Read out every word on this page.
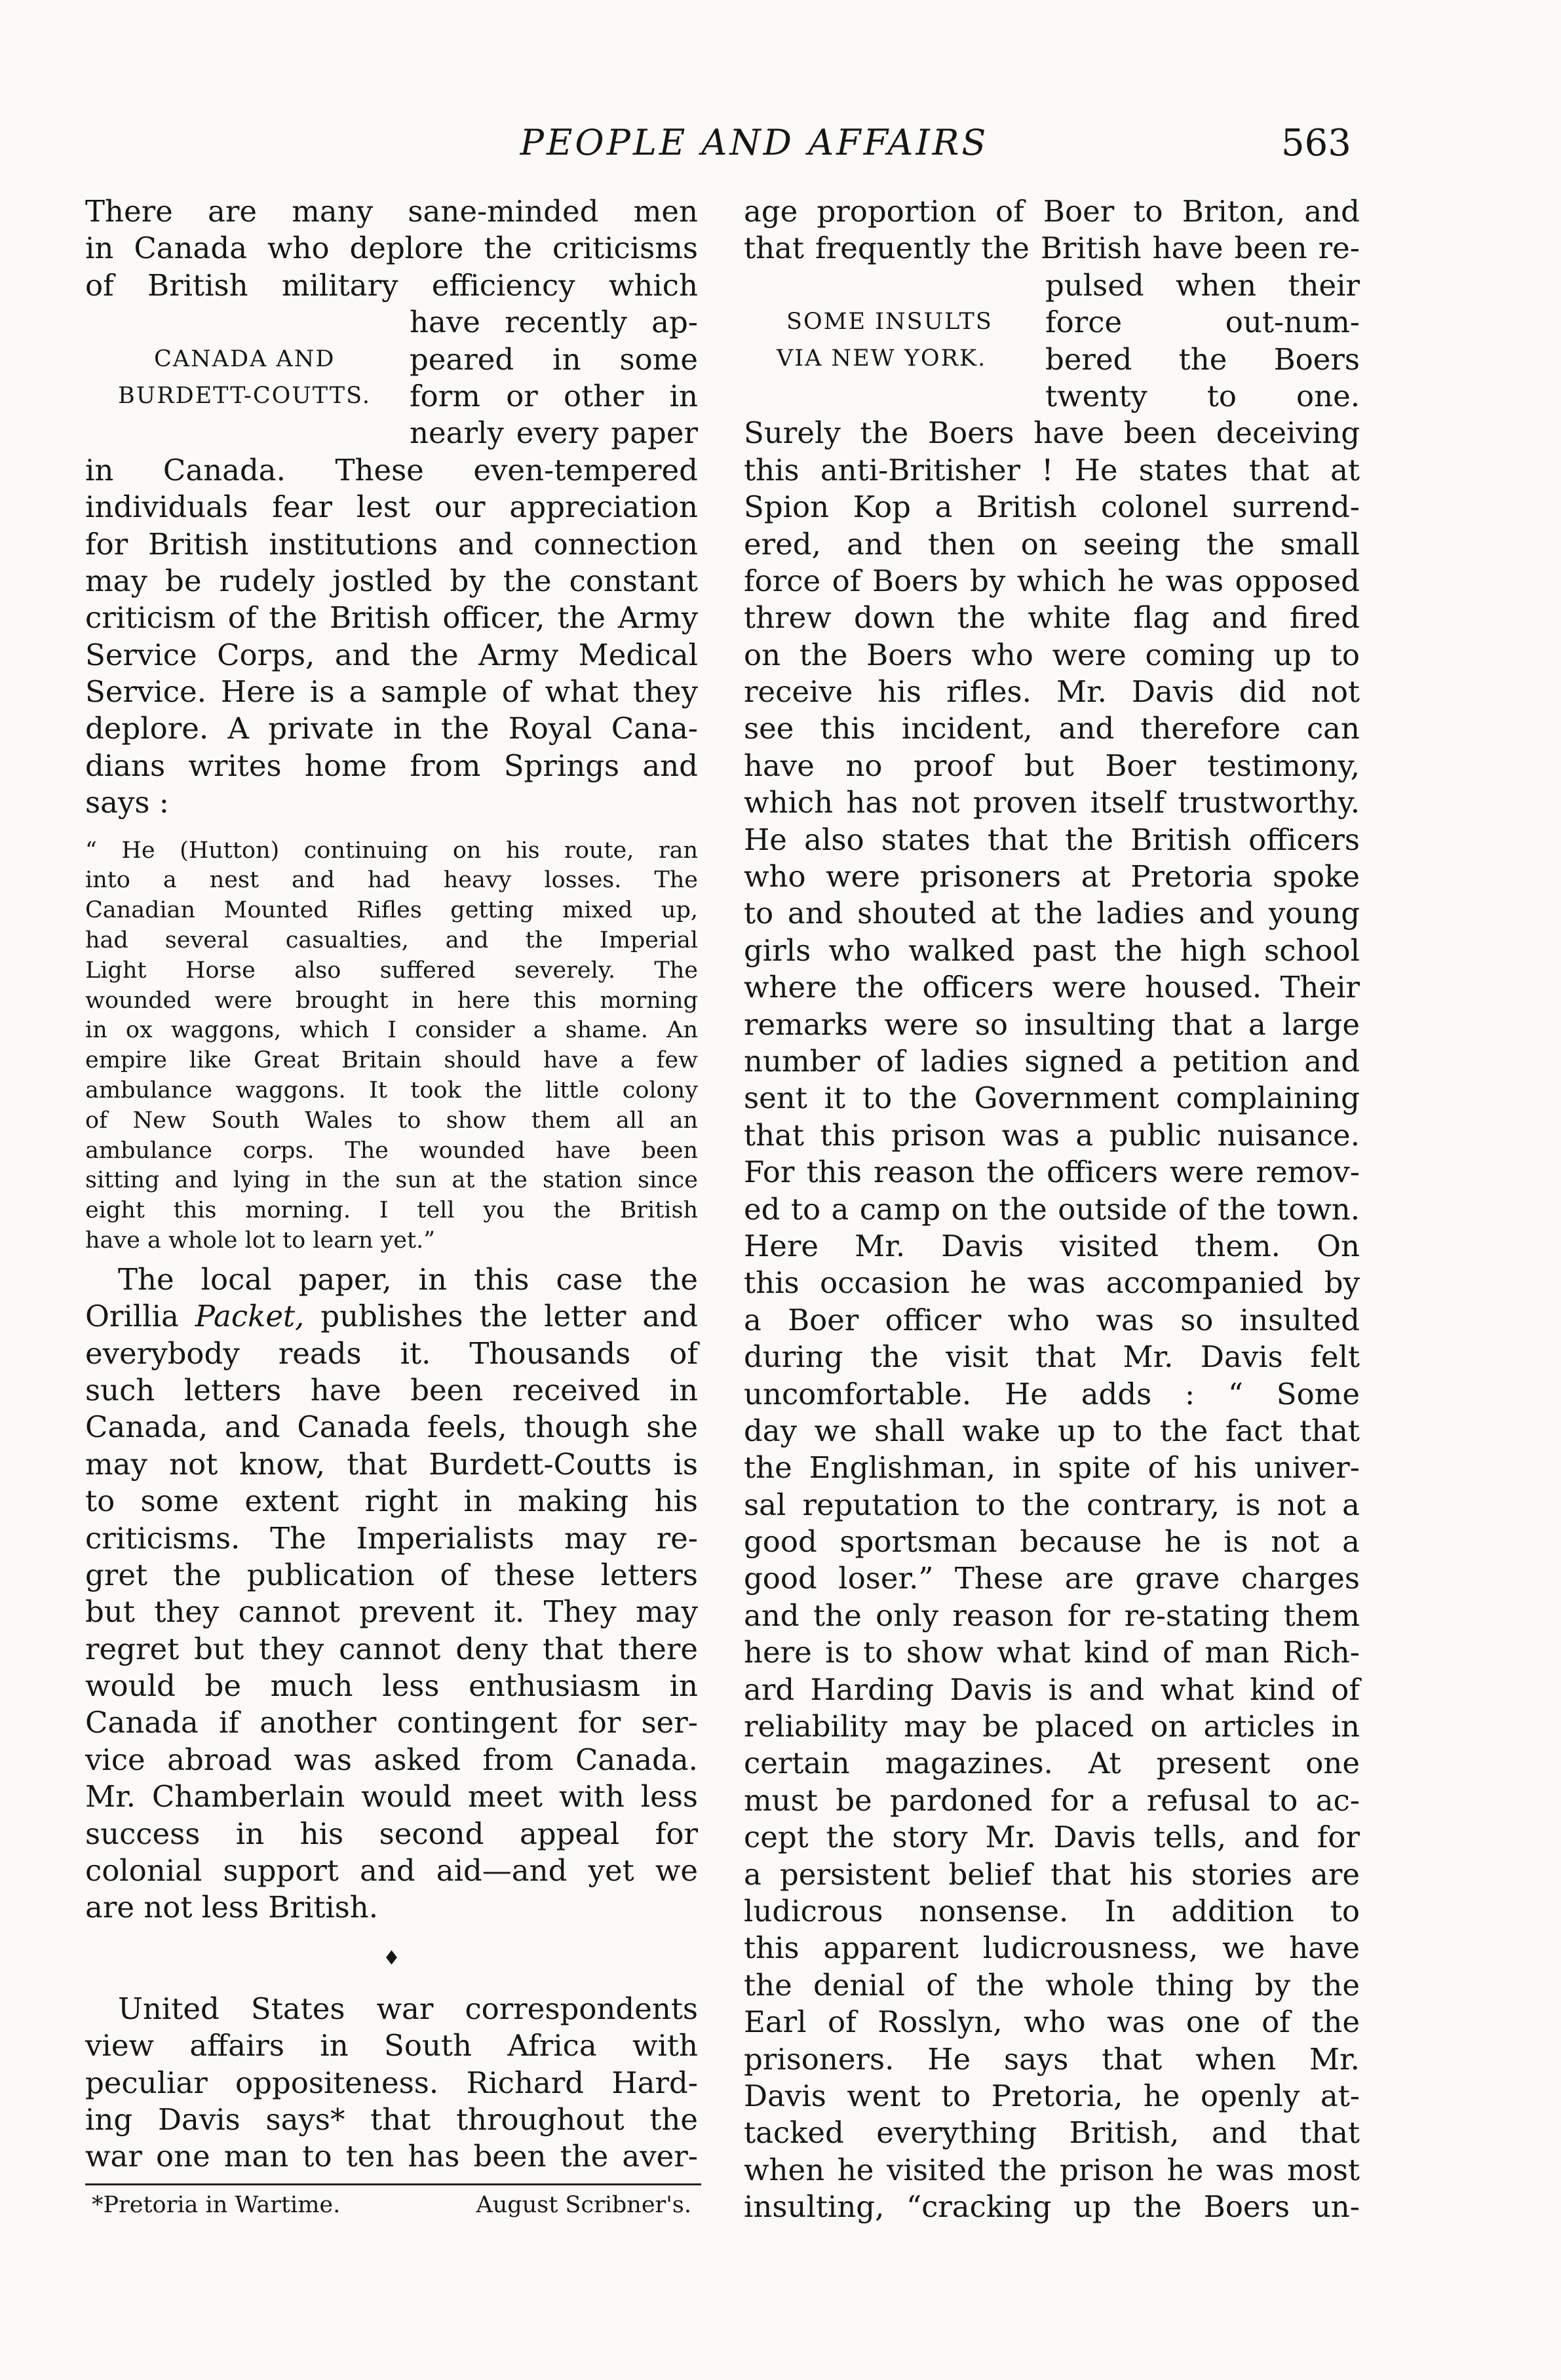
PEOPLE AND AFFAIRS	563
CANADA AND
BURDETT-COUTTS.
There are many sane-minded men
in Canada who deplore the criticisms
of British military efficiency which
have recently ap-
peared in some
form or other in
nearly every paper
in Canada. These even-tempered
individuals fear lest our appreciation
for British institutions and connection
may be rudely jostled by the constant
criticism of the British officer, the Army
Service Corps, and the Army Medical
Service. Here is a sample of what they
deplore. A private in the Royal Cana-
dians writes home from Springs and
says :
“ He (Hutton) continuing on his route, ran
into a nest and had heavy losses. The
Canadian Mounted Rifles getting mixed up,
had several casualties, and the Imperial
Light Horse also suffered severely. The
wounded were brought in here this morning
in ox waggons, which I consider a shame. An
empire like Great Britain should have a few
ambulance waggons. It took the little colony
of New South Wales to show them all an
ambulance corps. The wounded have been
sitting and lying in the sun at the station since
eight this morning. I tell you the British
have a whole lot to learn yet.”
The local paper, in this case the
Orillia Packet, publishes the letter and
everybody reads it. Thousands of
such letters have been received in
Canada, and Canada feels, though she
may not know, that Burdett-Coutts is
to some extent right in making his
criticisms. The Imperialists may re-
gret the publication of these letters
but they cannot prevent it. They may
regret but they cannot deny that there
would be much less enthusiasm in
Canada if another contingent for ser-
vice abroad was asked from Canada.
Mr. Chamberlain would meet with less
success in his second appeal for
colonial support and aid—and yet we
are not less British.
♦
United States war correspondents
view affairs in South Africa with
peculiar oppositeness. Richard Hard-
ing Davis says* that throughout the
war one man to ten has been the aver-
*Pretoria in Wartime.	August Scribner's.
SOME INSULTS
VIA NEW YORK.
age proportion of Boer to Briton, and
that frequently the British have been re-
pulsed when their
force out-num-
bered the Boers
twenty to one.
Surely the Boers have been deceiving
this anti-Britisher ! He states that at
Spion Kop a British colonel surrend-
ered, and then on seeing the small
force of Boers by which he was opposed
threw down the white flag and fired
on the Boers who were coming up to
receive his rifles. Mr. Davis did not
see this incident, and therefore can
have no proof but Boer testimony,
which has not proven itself trustworthy.
He also states that the British officers
who were prisoners at Pretoria spoke
to and shouted at the ladies and young
girls who walked past the high school
where the officers were housed. Their
remarks were so insulting that a large
number of ladies signed a petition and
sent it to the Government complaining
that this prison was a public nuisance.
For this reason the officers were remov-
ed to a camp on the outside of the town.
Here Mr. Davis visited them. On
this occasion he was accompanied by
a Boer officer who was so insulted
during the visit that Mr. Davis felt
uncomfortable. He adds : “ Some
day we shall wake up to the fact that
the Englishman, in spite of his univer-
sal reputation to the contrary, is not a
good sportsman because he is not a
good loser.” These are grave charges
and the only reason for re-stating them
here is to show what kind of man Rich-
ard Harding Davis is and what kind of
reliability may be placed on articles in
certain magazines. At present one
must be pardoned for a refusal to ac-
cept the story Mr. Davis tells, and for
a persistent belief that his stories are
ludicrous nonsense. In addition to
this apparent ludicrousness, we have
the denial of the whole thing by the
Earl of Rosslyn, who was one of the
prisoners. He says that when Mr.
Davis went to Pretoria, he openly at-
tacked everything British, and that
when he visited the prison he was most
insulting, “cracking up the Boers un-
